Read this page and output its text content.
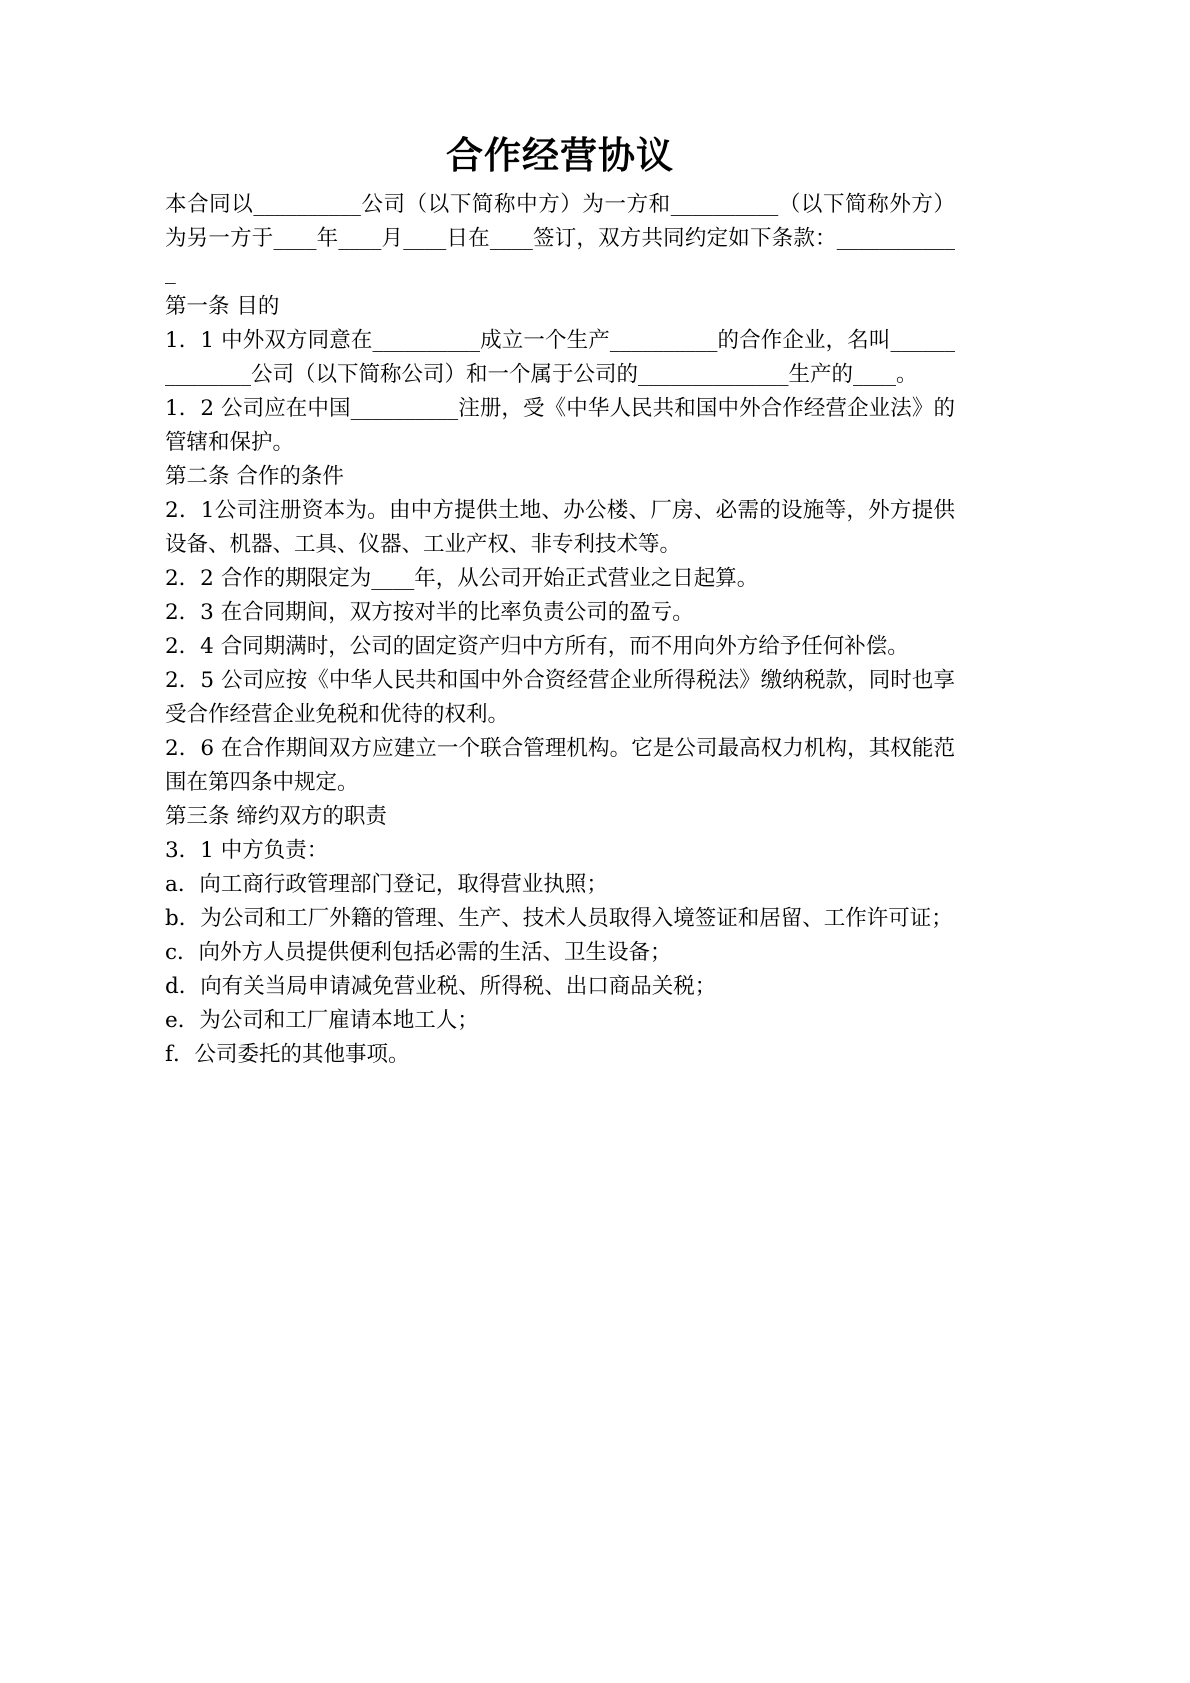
合作经营协议

本合同以__________公司（以下简称中方）为一方和__________（以下简称外方）为另一方于____年____月____日在____签订，双方共同约定如下条款：____________

第一条 目的

1．1 中外双方同意在__________成立一个生产__________的合作企业，名叫______________公司（以下简称公司）和一个属于公司的______________生产的____。

1．2 公司应在中国__________注册，受《中华人民共和国中外合作经营企业法》的管辖和保护。

第二条 合作的条件

2．1公司注册资本为。由中方提供土地、办公楼、厂房、必需的设施等，外方提供设备、机器、工具、仪器、工业产权、非专利技术等。

2．2 合作的期限定为____年，从公司开始正式营业之日起算。

2．3 在合同期间，双方按对半的比率负责公司的盈亏。

2．4 合同期满时，公司的固定资产归中方所有，而不用向外方给予任何补偿。

2．5 公司应按《中华人民共和国中外合资经营企业所得税法》缴纳税款，同时也享受合作经营企业免税和优待的权利。

2．6 在合作期间双方应建立一个联合管理机构。它是公司最高权力机构，其权能范围在第四条中规定。

第三条 缔约双方的职责

3．1 中方负责：

a．向工商行政管理部门登记，取得营业执照；

b．为公司和工厂外籍的管理、生产、技术人员取得入境签证和居留、工作许可证；

c．向外方人员提供便利包括必需的生活、卫生设备；

d．向有关当局申请减免营业税、所得税、出口商品关税；

e．为公司和工厂雇请本地工人；

f．公司委托的其他事项。
